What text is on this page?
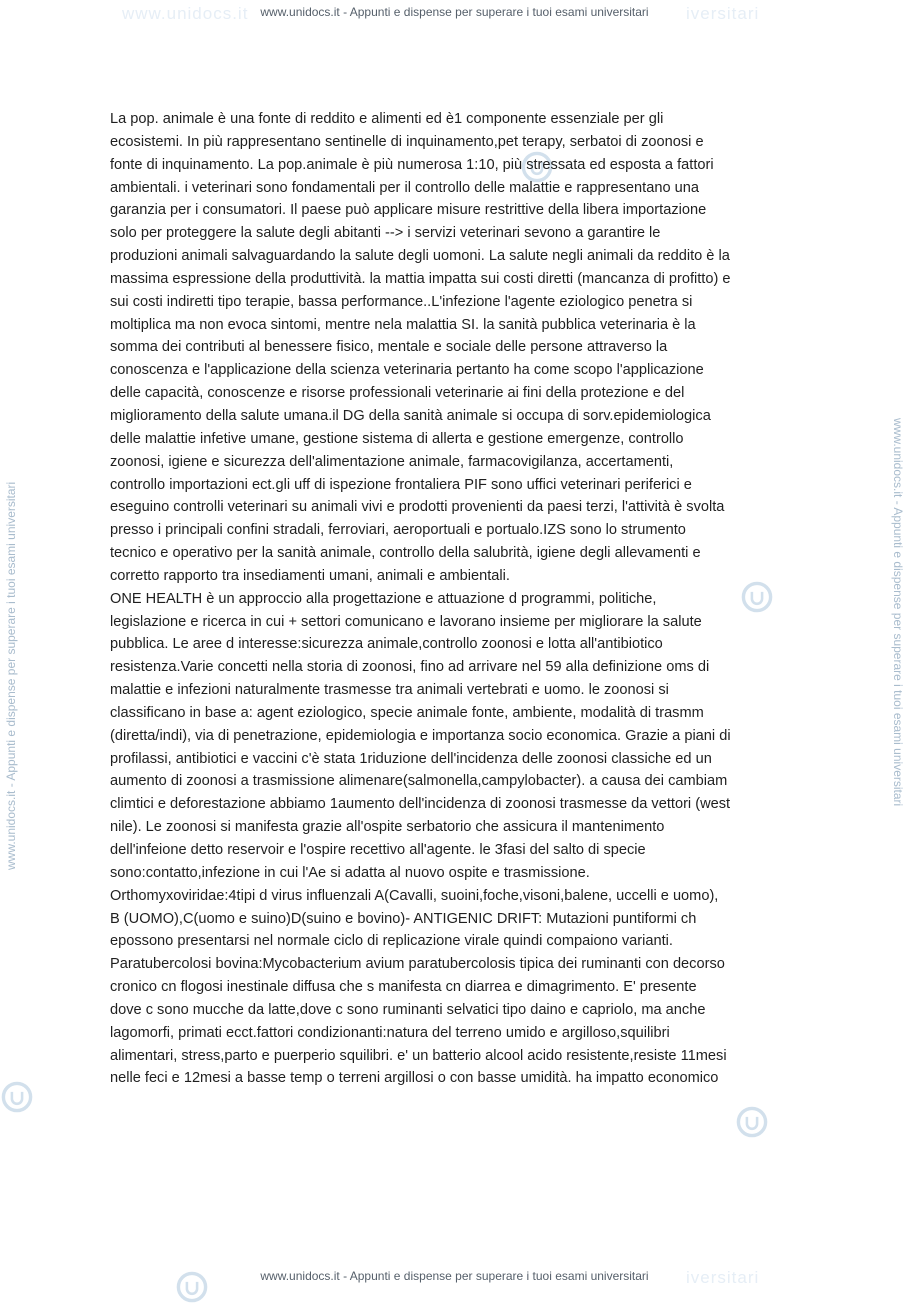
www.unidocs.it	iversitari
iversitari
www.unidocs.it - Appunti e dispense per superare i tuoi esami universitari
www.unidocs.it - Appunti e dispense per superare i tuoi esami universitari
www.unidocs.it - Appunti e dispense per superare i tuoi esami universitari	www.unidocs.it - Appunti e dispense per superare i tuoi esami universitari

La pop. animale è una fonte di reddito e alimenti ed è1 componente essenziale per gli
ecosistemi. In più rappresentano sentinelle di inquinamento,pet terapy, serbatoi di zoonosi e
fonte di inquinamento. La pop.animale è più numerosa 1:10, più stressata ed esposta a fattori
ambientali. i veterinari sono fondamentali per il controllo delle malattie e rappresentano una
garanzia per i consumatori. Il paese può applicare misure restrittive della libera importazione
solo per proteggere la salute degli abitanti --> i servizi veterinari sevono a garantire le
produzioni animali salvaguardando la salute degli uomoni. La salute negli animali da reddito è la
massima espressione della produttività. la mattia impatta sui costi diretti (mancanza di profitto) e
sui costi indiretti tipo terapie, bassa performance..L'infezione l'agente eziologico penetra si
moltiplica ma non evoca sintomi, mentre nela malattia SI. la sanità pubblica veterinaria è la
somma dei contributi al benessere fisico, mentale e sociale delle persone attraverso la
conoscenza e l'applicazione della scienza veterinaria pertanto ha come scopo l'applicazione
delle capacità, conoscenze e risorse professionali veterinarie ai fini della protezione e del
miglioramento della salute umana.il DG della sanità animale si occupa di sorv.epidemiologica
delle malattie infetive umane, gestione sistema di allerta e gestione emergenze, controllo
zoonosi, igiene e sicurezza dell'alimentazione animale, farmacovigilanza, accertamenti,
controllo importazioni ect.gli uff di ispezione frontaliera PIF sono uffici veterinari periferici e
eseguino controlli veterinari su animali vivi e prodotti provenienti da paesi terzi, l'attività è svolta
presso i principali confini stradali, ferroviari, aeroportuali e portualo.IZS sono lo strumento
tecnico e operativo per la sanità animale, controllo della salubrità, igiene degli allevamenti e
corretto rapporto tra insediamenti umani, animali e ambientali.
ONE HEALTH è un approccio alla progettazione e attuazione d programmi, politiche,
legislazione e ricerca in cui + settori comunicano e lavorano insieme per migliorare la salute
pubblica. Le aree d interesse:sicurezza animale,controllo zoonosi e lotta all'antibiotico
resistenza.Varie concetti nella storia di zoonosi, fino ad arrivare nel 59 alla definizione oms di
malattie e infezioni naturalmente trasmesse tra animali vertebrati e uomo. le zoonosi si
classificano in base a: agent eziologico, specie animale fonte, ambiente, modalità di trasmm
(diretta/indi), via di penetrazione, epidemiologia e importanza socio economica. Grazie a piani di
profilassi, antibiotici e vaccini c'è stata 1riduzione dell'incidenza delle zoonosi classiche ed un
aumento di zoonosi a trasmissione alimenare(salmonella,campylobacter). a causa dei cambiam
climtici e deforestazione abbiamo 1aumento dell'incidenza di zoonosi trasmesse da vettori (west
nile). Le zoonosi si manifesta grazie all'ospite serbatorio che assicura il mantenimento
dell'infeione detto reservoir e l'ospire recettivo all'agente. le 3fasi del salto di specie
sono:contatto,infezione in cui l'Ae si adatta al nuovo ospite e trasmissione.
Orthomyxoviridae:4tipi d virus influenzali A(Cavalli, suoini,foche,visoni,balene, uccelli e uomo),
B (UOMO),C(uomo e suino)D(suino e bovino)- ANTIGENIC DRIFT: Mutazioni puntiformi ch
epossono presentarsi nel normale ciclo di replicazione virale quindi compaiono varianti.
Paratubercolosi bovina:Mycobacterium avium paratubercolosis tipica dei ruminanti con decorso
cronico cn flogosi inestinale diffusa che s manifesta cn diarrea e dimagrimento. E' presente
dove c sono mucche da latte,dove c sono ruminanti selvatici tipo daino e capriolo, ma anche
lagomorfi, primati ecct.fattori condizionanti:natura del terreno umido e argilloso,squilibri
alimentari, stress,parto e puerperio squilibri. e' un batterio alcool acido resistente,resiste 11mesi
nelle feci e 12mesi a basse temp o terreni argillosi o con basse umidità. ha impatto economico
